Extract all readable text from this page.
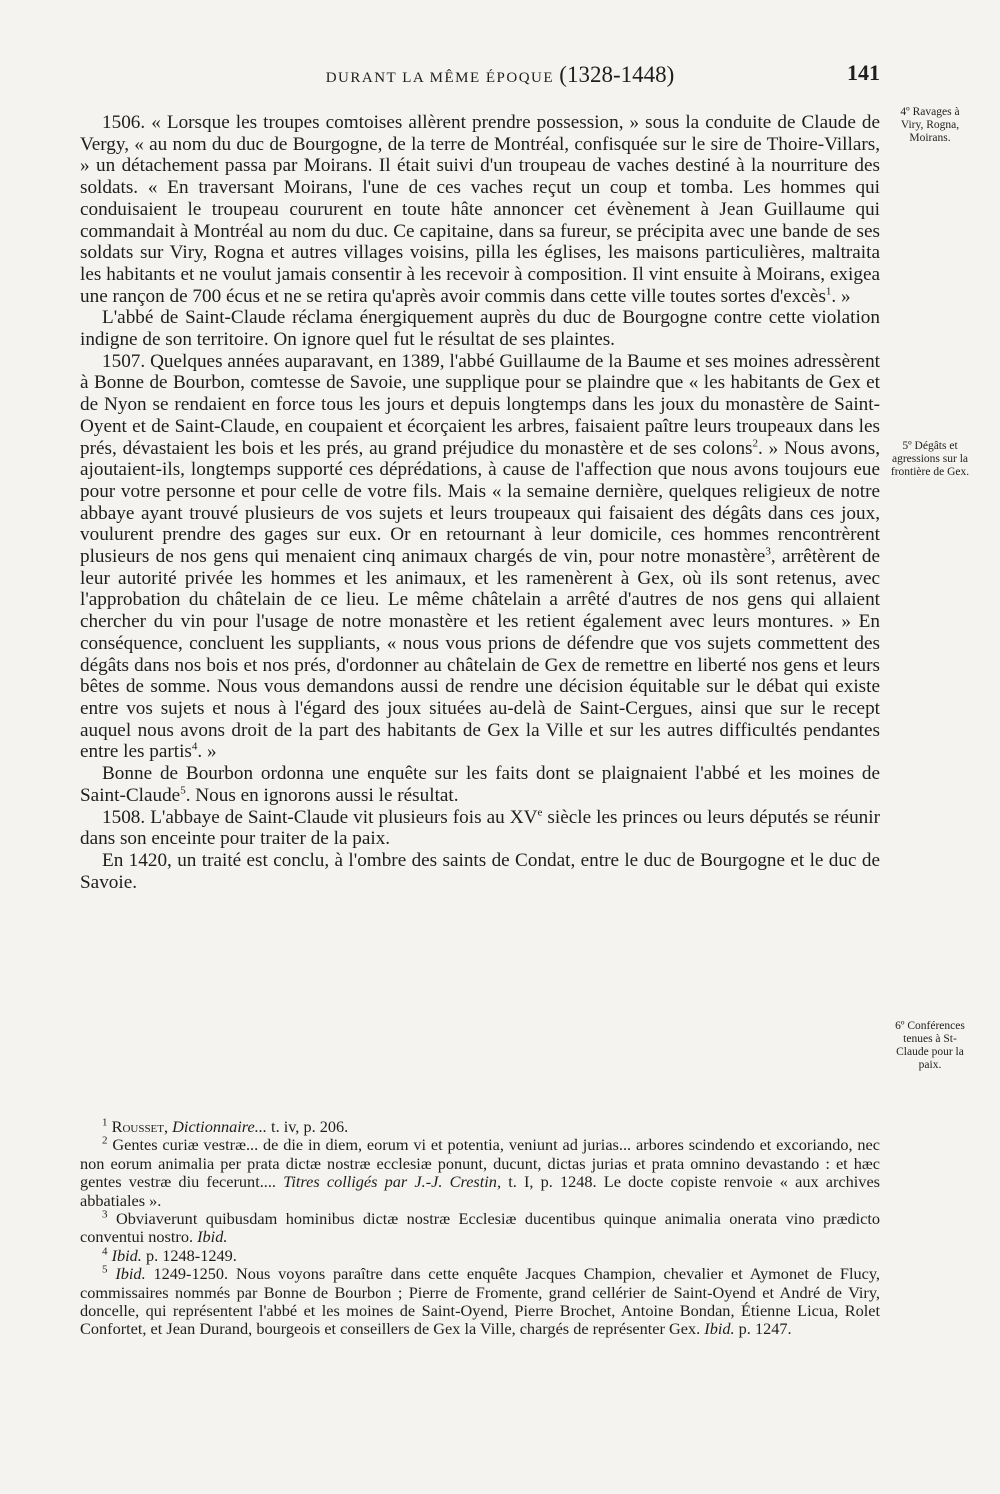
DURANT LA MÊME ÉPOQUE (1328-1448)	141
4º Ravages à Viry, Rogna, Moirans.
5º Dégâts et agressions sur la frontière de Gex.
6º Conférences tenues à St-Claude pour la paix.

1506. « Lorsque les troupes comtoises allèrent prendre possession, » sous la conduite de Claude de Vergy, « au nom du duc de Bourgogne, de la terre de Montréal, confisquée sur le sire de Thoire-Villars, » un détachement passa par Moirans. Il était suivi d'un troupeau de vaches destiné à la nourriture des soldats. « En traversant Moirans, l'une de ces vaches reçut un coup et tomba. Les hommes qui conduisaient le troupeau coururent en toute hâte annoncer cet évènement à Jean Guillaume qui commandait à Montréal au nom du duc. Ce capitaine, dans sa fureur, se précipita avec une bande de ses soldats sur Viry, Rogna et autres villages voisins, pilla les églises, les maisons particulières, maltraita les habitants et ne voulut jamais consentir à les recevoir à composition. Il vint ensuite à Moirans, exigea une rançon de 700 écus et ne se retira qu'après avoir commis dans cette ville toutes sortes d'excès$^1$. »

L'abbé de Saint-Claude réclama énergiquement auprès du duc de Bourgogne contre cette violation indigne de son territoire. On ignore quel fut le résultat de ses plaintes.

1507. Quelques années auparavant, en 1389, l'abbé Guillaume de la Baume et ses moines adressèrent à Bonne de Bourbon, comtesse de Savoie, une supplique pour se plaindre que « les habitants de Gex et de Nyon se rendaient en force tous les jours et depuis longtemps dans les joux du monastère de Saint-Oyent et de Saint-Claude, en coupaient et écorçaient les arbres, faisaient paître leurs troupeaux dans les prés, dévastaient les bois et les prés, au grand préjudice du monastère et de ses colons$^2$. » Nous avons, ajoutaient-ils, longtemps supporté ces déprédations, à cause de l'affection que nous avons toujours eue pour votre personne et pour celle de votre fils. Mais « la semaine dernière, quelques religieux de notre abbaye ayant trouvé plusieurs de vos sujets et leurs troupeaux qui faisaient des dégâts dans ces joux, voulurent prendre des gages sur eux. Or en retournant à leur domicile, ces hommes rencontrèrent plusieurs de nos gens qui menaient cinq animaux chargés de vin, pour notre monastère$^3$, arrêtèrent de leur autorité privée les hommes et les animaux, et les ramenèrent à Gex, où ils sont retenus, avec l'approbation du châtelain de ce lieu. Le même châtelain a arrêté d'autres de nos gens qui allaient chercher du vin pour l'usage de notre monastère et les retient également avec leurs montures. » En conséquence, concluent les suppliants, « nous vous prions de défendre que vos sujets commettent des dégâts dans nos bois et nos prés, d'ordonner au châtelain de Gex de remettre en liberté nos gens et leurs bêtes de somme. Nous vous demandons aussi de rendre une décision équitable sur le débat qui existe entre vos sujets et nous à l'égard des joux situées au-delà de Saint-Cergues, ainsi que sur le recept auquel nous avons droit de la part des habitants de Gex la Ville et sur les autres difficultés pendantes entre les partis$^4$. »

Bonne de Bourbon ordonna une enquête sur les faits dont se plaignaient l'abbé et les moines de Saint-Claude$^5$. Nous en ignorons aussi le résultat.

1508. L'abbaye de Saint-Claude vit plusieurs fois au XVe siècle les princes ou leurs députés se réunir dans son enceinte pour traiter de la paix.

En 1420, un traité est conclu, à l'ombre des saints de Condat, entre le duc de Bourgogne et le duc de Savoie.

$^1$ Rousset, Dictionnaire... t. iv, p. 206.

$^2$ Gentes curiæ vestræ... de die in diem, eorum vi et potentia, veniunt ad jurias... arbores scindendo et excoriando, nec non eorum animalia per prata dictæ nostræ ecclesiæ ponunt, ducunt, dictas jurias et prata omnino devastando : et hæc gentes vestræ diu fecerunt.... Titres colligés par J.-J. Crestin, t. I, p. 1248. Le docte copiste renvoie « aux archives abbatiales ».

$^3$ Obviaverunt quibusdam hominibus dictæ nostræ Ecclesiæ ducentibus quinque animalia onerata vino prædicto conventui nostro. Ibid.

$^4$ Ibid. p. 1248-1249.

$^5$ Ibid. 1249-1250. Nous voyons paraître dans cette enquête Jacques Champion, chevalier et Aymonet de Flucy, commissaires nommés par Bonne de Bourbon ; Pierre de Fromente, grand cellérier de Saint-Oyend et André de Viry, doncelle, qui représentent l'abbé et les moines de Saint-Oyend, Pierre Brochet, Antoine Bondan, Étienne Licua, Rolet Confortet, et Jean Durand, bourgeois et conseillers de Gex la Ville, chargés de représenter Gex. Ibid. p. 1247.
